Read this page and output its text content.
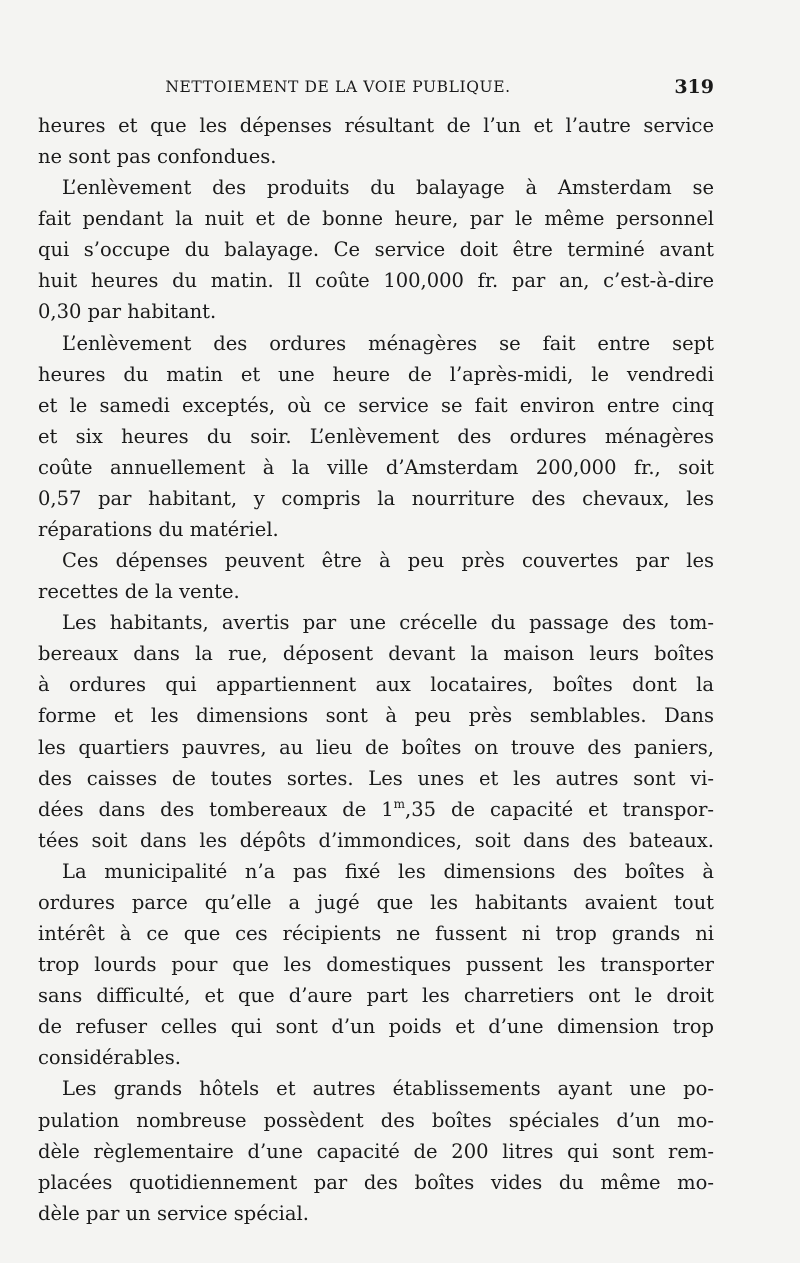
NETTOIEMENT DE LA VOIE PUBLIQUE.	319
heures et que les dépenses résultant de l’un et l’autre service
ne sont pas confondues.
L’enlèvement des produits du balayage à Amsterdam se
fait pendant la nuit et de bonne heure, par le même personnel
qui s’occupe du balayage. Ce service doit être terminé avant
huit heures du matin. Il coûte 100,000 fr. par an, c’est-à-dire
0,30 par habitant.
L’enlèvement des ordures ménagères se fait entre sept
heures du matin et une heure de l’après-midi, le vendredi
et le samedi exceptés, où ce service se fait environ entre cinq
et six heures du soir. L’enlèvement des ordures ménagères
coûte annuellement à la ville d’Amsterdam 200,000 fr., soit
0,57 par habitant, y compris la nourriture des chevaux, les
réparations du matériel.
Ces dépenses peuvent être à peu près couvertes par les
recettes de la vente.
Les habitants, avertis par une crécelle du passage des tom-
bereaux dans la rue, déposent devant la maison leurs boîtes
à ordures qui appartiennent aux locataires, boîtes dont la
forme et les dimensions sont à peu près semblables. Dans
les quartiers pauvres, au lieu de boîtes on trouve des paniers,
des caisses de toutes sortes. Les unes et les autres sont vi-
dées dans des tombereaux de 1$^m$,35 de capacité et transpor-
tées soit dans les dépôts d’immondices, soit dans des bateaux.
La municipalité n’a pas fixé les dimensions des boîtes à
ordures parce qu’elle a jugé que les habitants avaient tout
intérêt à ce que ces récipients ne fussent ni trop grands ni
trop lourds pour que les domestiques pussent les transporter
sans difficulté, et que d’aure part les charretiers ont le droit
de refuser celles qui sont d’un poids et d’une dimension trop
considérables.
Les grands hôtels et autres établissements ayant une po-
pulation nombreuse possèdent des boîtes spéciales d’un mo-
dèle règlementaire d’une capacité de 200 litres qui sont rem-
placées quotidiennement par des boîtes vides du même mo-
dèle par un service spécial.
